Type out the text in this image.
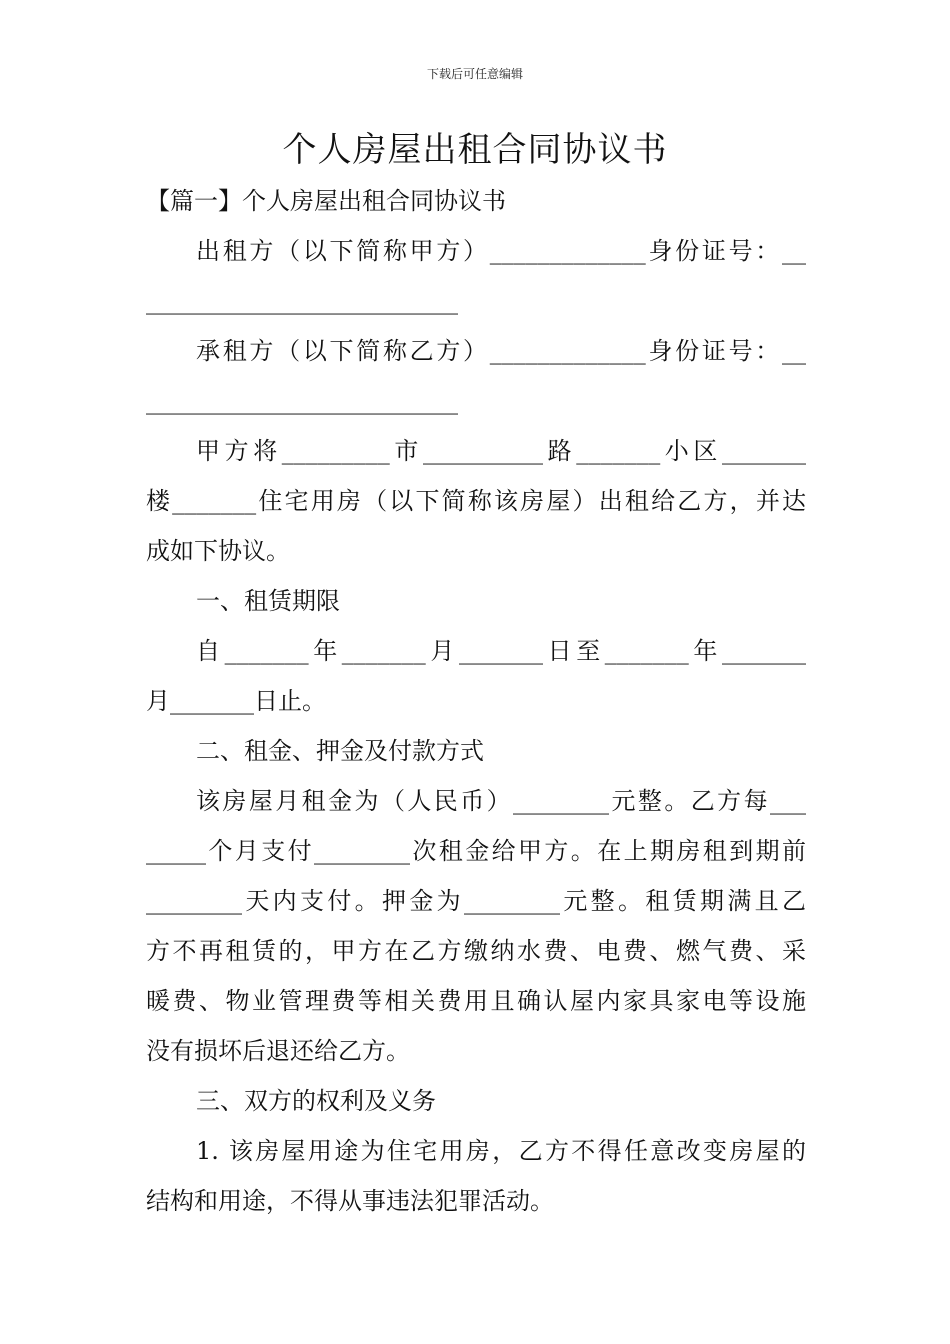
下载后可任意编辑
个人房屋出租合同协议书
【篇一】个人房屋出租合同协议书
出租方（以下简称甲方）_____________身份证号：__
__________________________
承租方（以下简称乙方）_____________身份证号：__
__________________________
甲方将_________市__________路_______小区_______
楼_______住宅用房（以下简称该房屋）出租给乙方，并达
成如下协议。
一、租赁期限
自_______年_______月_______日至_______年_______
月_______日止。
二、租金、押金及付款方式
该房屋月租金为（人民币）________元整。乙方每___
_____个月支付________次租金给甲方。在上期房租到期前
________天内支付。押金为________元整。租赁期满且乙
方不再租赁的，甲方在乙方缴纳水费、电费、燃气费、采
暖费、物业管理费等相关费用且确认屋内家具家电等设施
没有损坏后退还给乙方。
三、双方的权利及义务
1. 该房屋用途为住宅用房，乙方不得任意改变房屋的
结构和用途，不得从事违法犯罪活动。
